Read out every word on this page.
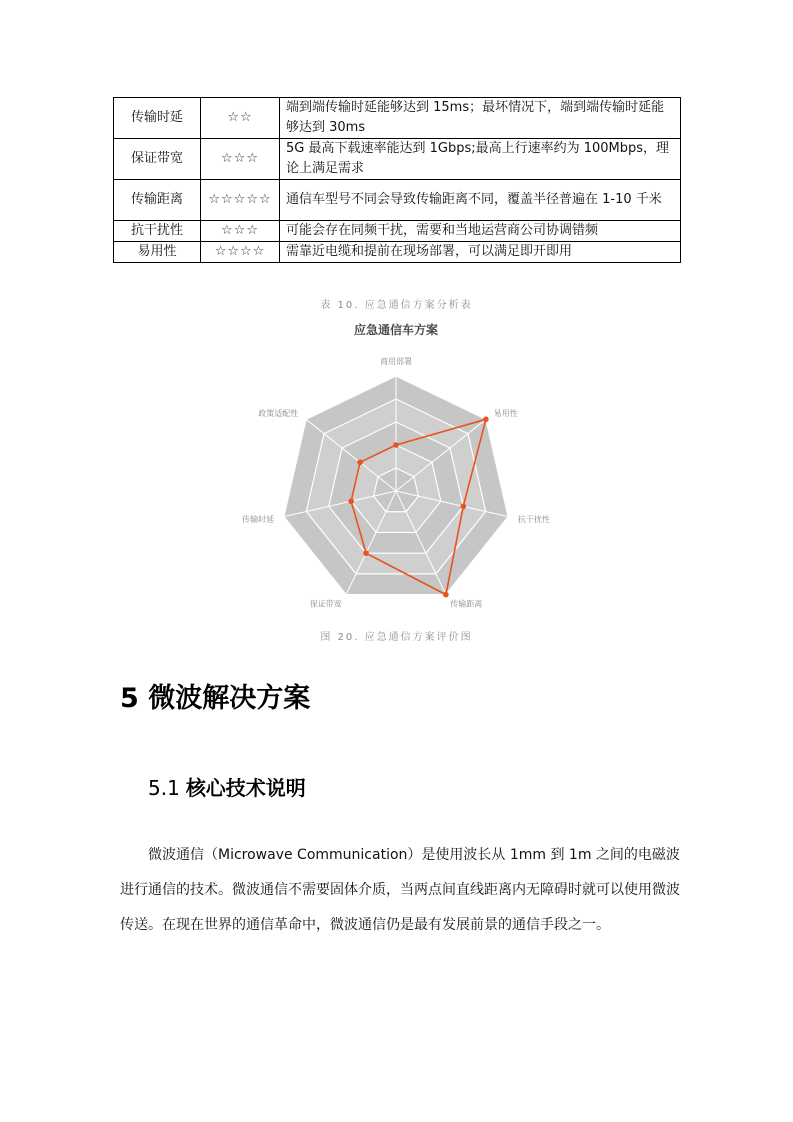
传输时延	☆☆	端到端传输时延能够达到 15ms；最坏情况下，端到端传输时延能够达到 30ms
保证带宽	☆☆☆	5G 最高下载速率能达到 1Gbps;最高上行速率约为 100Mbps，理论上满足需求
传输距离	☆☆☆☆☆	通信车型号不同会导致传输距离不同，覆盖半径普遍在 1-10 千米
抗干扰性	☆☆☆	可能会存在同频干扰，需要和当地运营商公司协调错频
易用性	☆☆☆☆	需靠近电缆和提前在现场部署，可以满足即开即用
表 10. 应急通信方案分析表
应急通信车方案
商用部署
易用性
抗干扰性
传输距离
保证带宽
传输时延
政策适配性
图 20. 应急通信方案评价图
5 微波解决方案
5.1 核心技术说明

微波通信（Microwave Communication）是使用波长从 1mm 到 1m 之间的电磁波进行通信的技术。微波通信不需要固体介质，当两点间直线距离内无障碍时就可以使用微波传送。在现在世界的通信革命中，微波通信仍是最有发展前景的通信手段之一。
